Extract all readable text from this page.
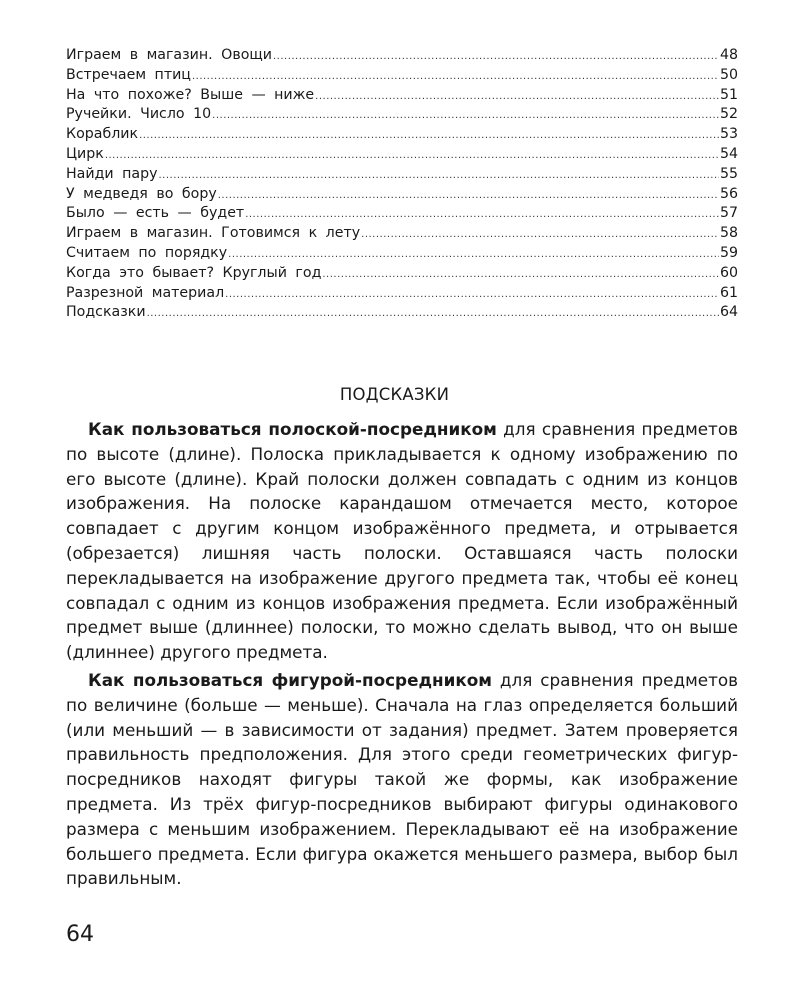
Играем в магазин. Овощи .....	48
Встречаем птиц .....	50
На что похоже? Выше — ниже .....	51
Ручейки. Число 10 .....	52
Кораблик .....	53
Цирк .....	54
Найди пару .....	55
У медведя во бору .....	56
Было — есть — будет .....	57
Играем в магазин. Готовимся к лету .....	58
Считаем по порядку .....	59
Когда это бывает? Круглый год .....	60
Разрезной материал .....	61
Подсказки .....	64
ПОДСКАЗКИ
Как пользоваться полоской-посредником для сравнения предметов по высоте (длине). Полоска прикладывается к одному изображению по его высоте (длине). Край полоски должен совпадать с одним из концов изображения. На полоске карандашом отмечается место, которое совпадает с другим концом изображённого предмета, и отрывается (обрезается) лишняя часть полоски. Оставшаяся часть полоски перекладывается на изображение другого предмета так, чтобы её конец совпадал с одним из концов изображения предмета. Если изображённый предмет выше (длиннее) полоски, то можно сделать вывод, что он выше (длиннее) другого предмета.
Как пользоваться фигурой-посредником для сравнения предметов по величине (больше — меньше). Сначала на глаз определяется больший (или меньший — в зависимости от задания) предмет. Затем проверяется правильность предположения. Для этого среди геометрических фигур-посредников находят фигуры такой же формы, как изображение предмета. Из трёх фигур-посредников выбирают фигуры одинакового размера с меньшим изображением. Перекладывают её на изображение большего предмета. Если фигура окажется меньшего размера, выбор был правильным.
64
